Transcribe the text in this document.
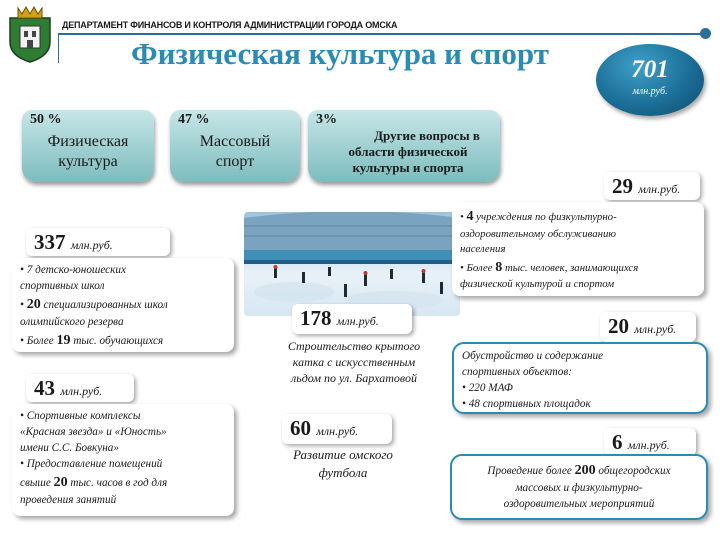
ДЕПАРТАМЕНТ ФИНАНСОВ И КОНТРОЛЯ АДМИНИСТРАЦИИ ГОРОДА ОМСКА
Физическая культура и спорт	701
млн.руб.
50 %
Физическая
культура
47 %
Массовый
спорт
3%
Другие вопросы в
области физической
культуры и спорта
337 млн.руб.

• 7 детско-юношеских

спортивных школ

• 20 специализированных школ

олимпийского резерва

• Более 19 тыс. обучающихся

43 млн.руб.

• Спортивные комплексы

«Красная звезда» и «Юность»

имени С.С. Бовкуна»

• Предоставление помещений

свыше 20 тыс. часов в год для

проведения занятий

178 млн.руб.
Строительство крытого
катка с искусственным
льдом по ул. Бархатовой
60 млн.руб.
Развитие омского
футбола
29 млн.руб.

• 4 учреждения по физкультурно-

оздоровительному обслуживанию

населения

• Более 8 тыс. человек, занимающихся

физической культурой и спортом

20 млн.руб.

Обустройство и содержание

спортивных объектов:

• 220 МАФ

• 48 спортивных площадок

6 млн.руб.

Проведение более 200 общегородских

массовых и физкультурно-

оздоровительных мероприятий
